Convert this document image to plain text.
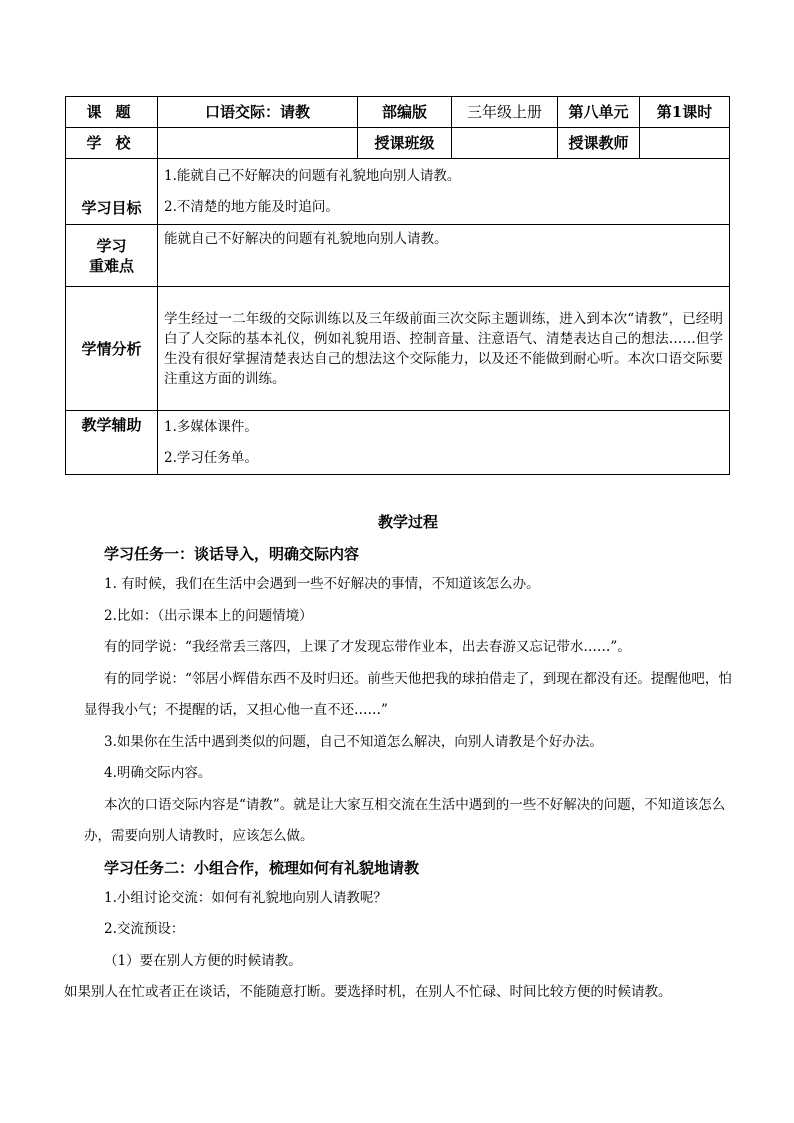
课题	口语交际：请教	部编版	三年级上册	第八单元	第1课时
学校		授课班级		授课教师	
学习目标	1.能就自己不好解决的问题有礼貌地向别人请教。

2.不清楚的地方能及时追问。				

学习
重难点	能就自己不好解决的问题有礼貌地向别人请教。				
学情分析	学生经过一二年级的交际训练以及三年级前面三次交际主题训练，进入到本次“请教”，已经明白了人交际的基本礼仪，例如礼貌用语、控制音量、注意语气、清楚表达自己的想法……但学生没有很好掌握清楚表达自己的想法这个交际能力，以及还不能做到耐心听。本次口语交际要注重这方面的训练。				
教学辅助	1.多媒体课件。

2.学习任务单。				

教学过程
学习任务一：谈话导入，明确交际内容

1. 有时候，我们在生活中会遇到一些不好解决的事情，不知道该怎么办。

2.比如：（出示课本上的问题情境）

有的同学说：“我经常丢三落四，上课了才发现忘带作业本，出去春游又忘记带水……”。

有的同学说：“邻居小辉借东西不及时归还。前些天他把我的球拍借走了，到现在都没有还。提醒他吧，怕显得我小气；不提醒的话，又担心他一直不还……”

3.如果你在生活中遇到类似的问题，自己不知道怎么解决，向别人请教是个好办法。

4.明确交际内容。

本次的口语交际内容是“请教”。就是让大家互相交流在生活中遇到的一些不好解决的问题，不知道该怎么办，需要向别人请教时，应该怎么做。

学习任务二：小组合作，梳理如何有礼貌地请教

1.小组讨论交流：如何有礼貌地向别人请教呢？

2.交流预设：

（1）要在别人方便的时候请教。

如果别人在忙或者正在谈话，不能随意打断。要选择时机，在别人不忙碌、时间比较方便的时候请教。
